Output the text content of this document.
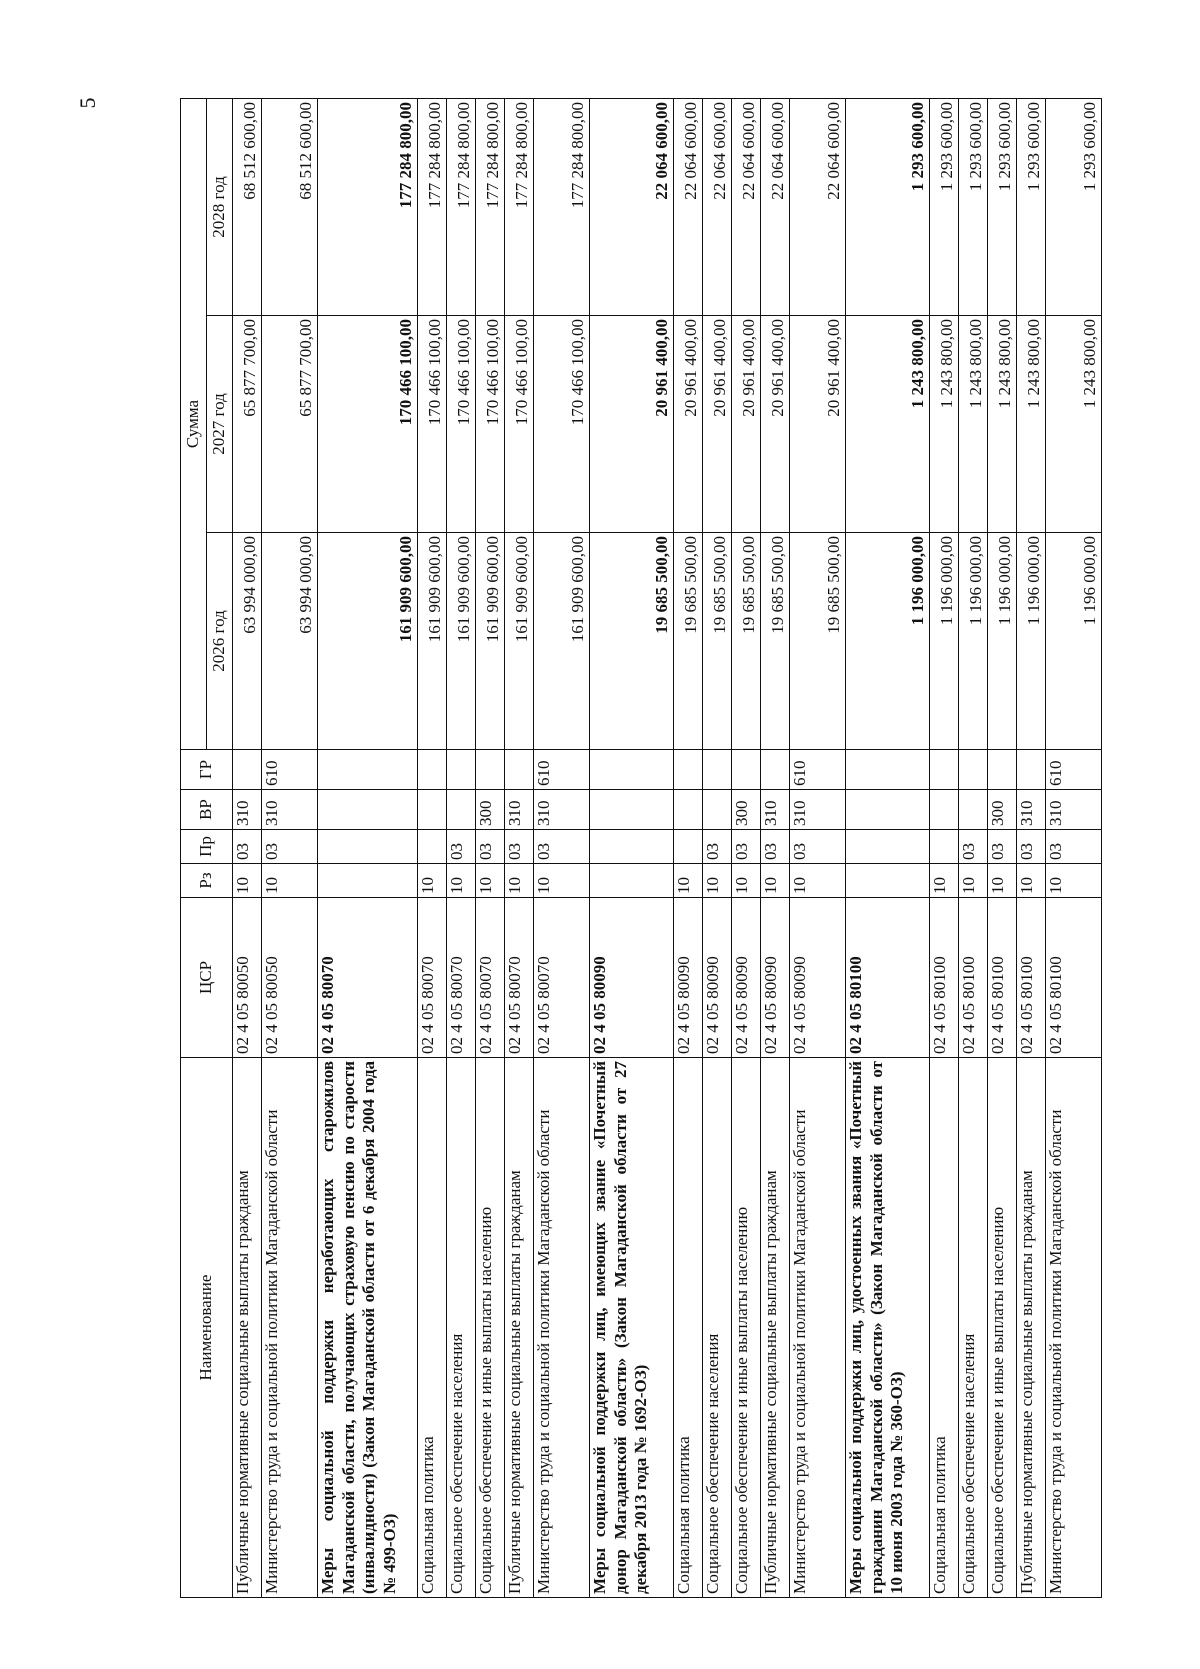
5
Наименование	ЦСР	Рз	Пр	ВР	ГР	Сумма		
						2026 год	2027 год	2028 год
Публичные нормативные социальные выплаты гражданам	02 4 05 80050	10	03	310		63 994 000,00	65 877 700,00	68 512 600,00
Министерство труда и социальной политики Магаданской области	02 4 05 80050	10	03	310	610	63 994 000,00	65 877 700,00	68 512 600,00
Меры социальной поддержки неработающих старожилов Магаданской области, получающих страховую пенсию по старости (инвалидности) (Закон Магаданской области от 6 декабря 2004 года № 499-ОЗ)	02 4 05 80070					161 909 600,00	170 466 100,00	177 284 800,00
Социальная политика	02 4 05 80070	10				161 909 600,00	170 466 100,00	177 284 800,00
Социальное обеспечение населения	02 4 05 80070	10	03			161 909 600,00	170 466 100,00	177 284 800,00
Социальное обеспечение и иные выплаты населению	02 4 05 80070	10	03	300		161 909 600,00	170 466 100,00	177 284 800,00
Публичные нормативные социальные выплаты гражданам	02 4 05 80070	10	03	310		161 909 600,00	170 466 100,00	177 284 800,00
Министерство труда и социальной политики Магаданской области	02 4 05 80070	10	03	310	610	161 909 600,00	170 466 100,00	177 284 800,00
Меры социальной поддержки лиц, имеющих звание «Почетный донор Магаданской области» (Закон Магаданской области от 27 декабря 2013 года № 1692-ОЗ)	02 4 05 80090					19 685 500,00	20 961 400,00	22 064 600,00
Социальная политика	02 4 05 80090	10				19 685 500,00	20 961 400,00	22 064 600,00
Социальное обеспечение населения	02 4 05 80090	10	03			19 685 500,00	20 961 400,00	22 064 600,00
Социальное обеспечение и иные выплаты населению	02 4 05 80090	10	03	300		19 685 500,00	20 961 400,00	22 064 600,00
Публичные нормативные социальные выплаты гражданам	02 4 05 80090	10	03	310		19 685 500,00	20 961 400,00	22 064 600,00
Министерство труда и социальной политики Магаданской области	02 4 05 80090	10	03	310	610	19 685 500,00	20 961 400,00	22 064 600,00
Меры социальной поддержки лиц, удостоенных звания «Почетный гражданин Магаданской области» (Закон Магаданской области от 10 июня 2003 года № 360-ОЗ)	02 4 05 80100					1 196 000,00	1 243 800,00	1 293 600,00
Социальная политика	02 4 05 80100	10				1 196 000,00	1 243 800,00	1 293 600,00
Социальное обеспечение населения	02 4 05 80100	10	03			1 196 000,00	1 243 800,00	1 293 600,00
Социальное обеспечение и иные выплаты населению	02 4 05 80100	10	03	300		1 196 000,00	1 243 800,00	1 293 600,00
Публичные нормативные социальные выплаты гражданам	02 4 05 80100	10	03	310		1 196 000,00	1 243 800,00	1 293 600,00
Министерство труда и социальной политики Магаданской области	02 4 05 80100	10	03	310	610	1 196 000,00	1 243 800,00	1 293 600,00
